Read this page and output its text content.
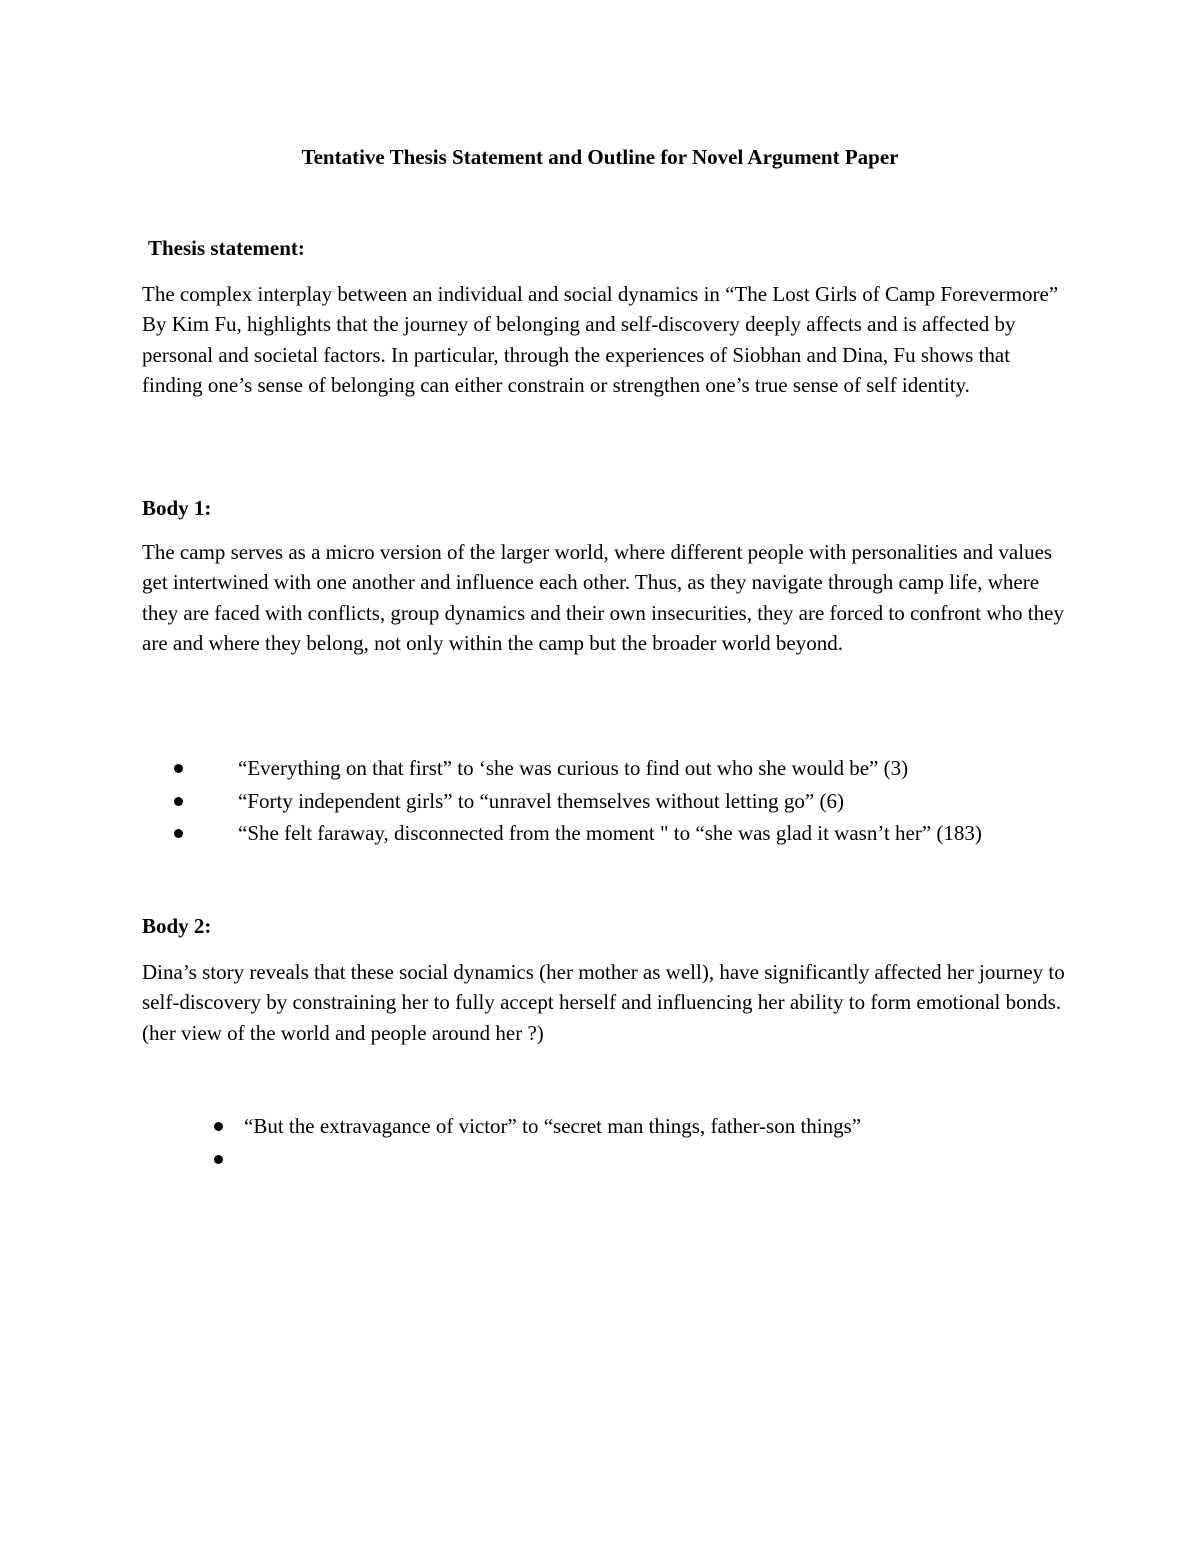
Tentative Thesis Statement and Outline for Novel Argument Paper
Thesis statement:

The complex interplay between an individual and social dynamics in “The Lost Girls of Camp Forevermore” By Kim Fu, highlights that the journey of belonging and self-discovery deeply affects and is affected by personal and societal factors. In particular, through the experiences of Siobhan and Dina, Fu shows that finding one’s sense of belonging can either constrain or strengthen one’s true sense of self identity.

Body 1:

The camp serves as a micro version of the larger world, where different people with personalities and values get intertwined with one another and influence each other. Thus, as they navigate through camp life, where they are faced with conflicts, group dynamics and their own insecurities, they are forced to confront who they are and where they belong, not only within the camp but the broader world beyond.

“Everything on that first” to ‘she was curious to find out who she would be” (3)
“Forty independent girls” to “unravel themselves without letting go” (6)
“She felt faraway, disconnected from the moment " to “she was glad it wasn’t her” (183)
Body 2:

Dina’s story reveals that these social dynamics (her mother as well), have significantly affected her journey to self-discovery by constraining her to fully accept herself and influencing her ability to form emotional bonds. (her view of the world and people around her ?)

“But the extravagance of victor” to “secret man things, father-son things”
